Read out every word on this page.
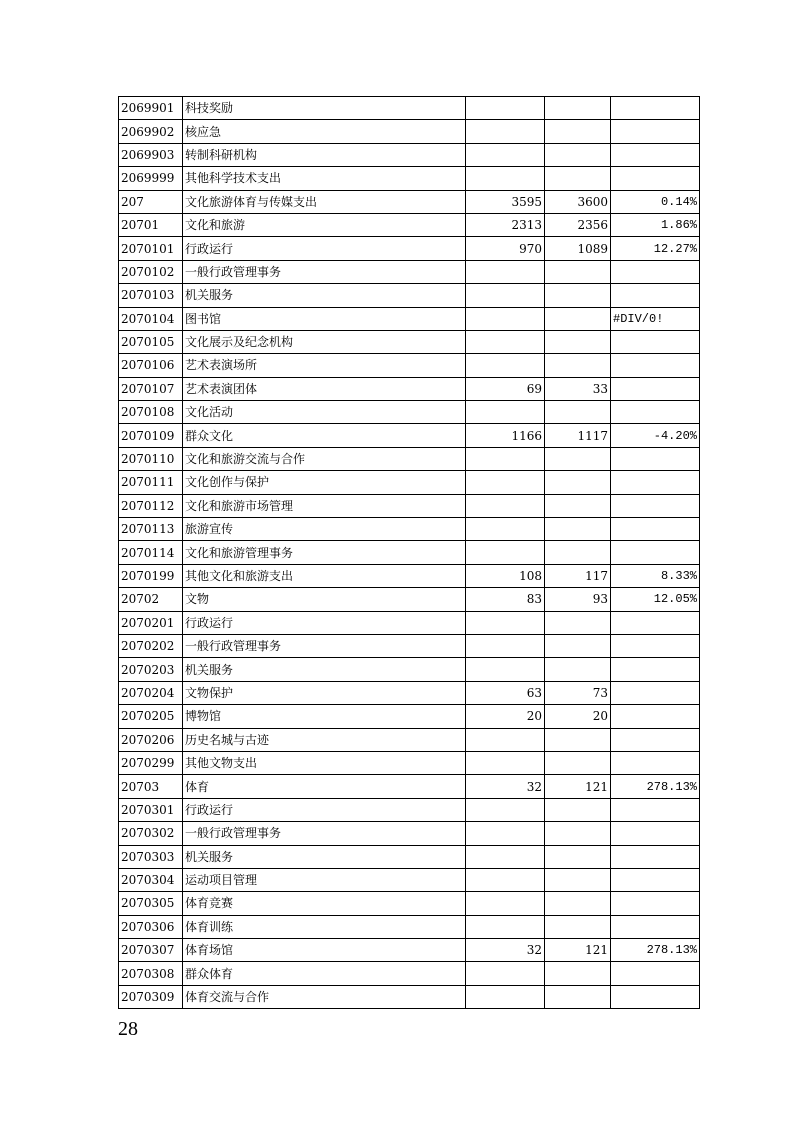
2069901	科技奖励			
2069902	核应急			
2069903	转制科研机构			
2069999	其他科学技术支出			
207	文化旅游体育与传媒支出	3595	3600	0.14%
20701	文化和旅游	2313	2356	1.86%
2070101	行政运行	970	1089	12.27%
2070102	一般行政管理事务			
2070103	机关服务			
2070104	图书馆			#DIV/0!
2070105	文化展示及纪念机构			
2070106	艺术表演场所			
2070107	艺术表演团体	69	33	
2070108	文化活动			
2070109	群众文化	1166	1117	-4.20%
2070110	文化和旅游交流与合作			
2070111	文化创作与保护			
2070112	文化和旅游市场管理			
2070113	旅游宣传			
2070114	文化和旅游管理事务			
2070199	其他文化和旅游支出	108	117	8.33%
20702	文物	83	93	12.05%
2070201	行政运行			
2070202	一般行政管理事务			
2070203	机关服务			
2070204	文物保护	63	73	
2070205	博物馆	20	20	
2070206	历史名城与古迹			
2070299	其他文物支出			
20703	体育	32	121	278.13%
2070301	行政运行			
2070302	一般行政管理事务			
2070303	机关服务			
2070304	运动项目管理			
2070305	体育竞赛			
2070306	体育训练			
2070307	体育场馆	32	121	278.13%
2070308	群众体育			
2070309	体育交流与合作			
28
